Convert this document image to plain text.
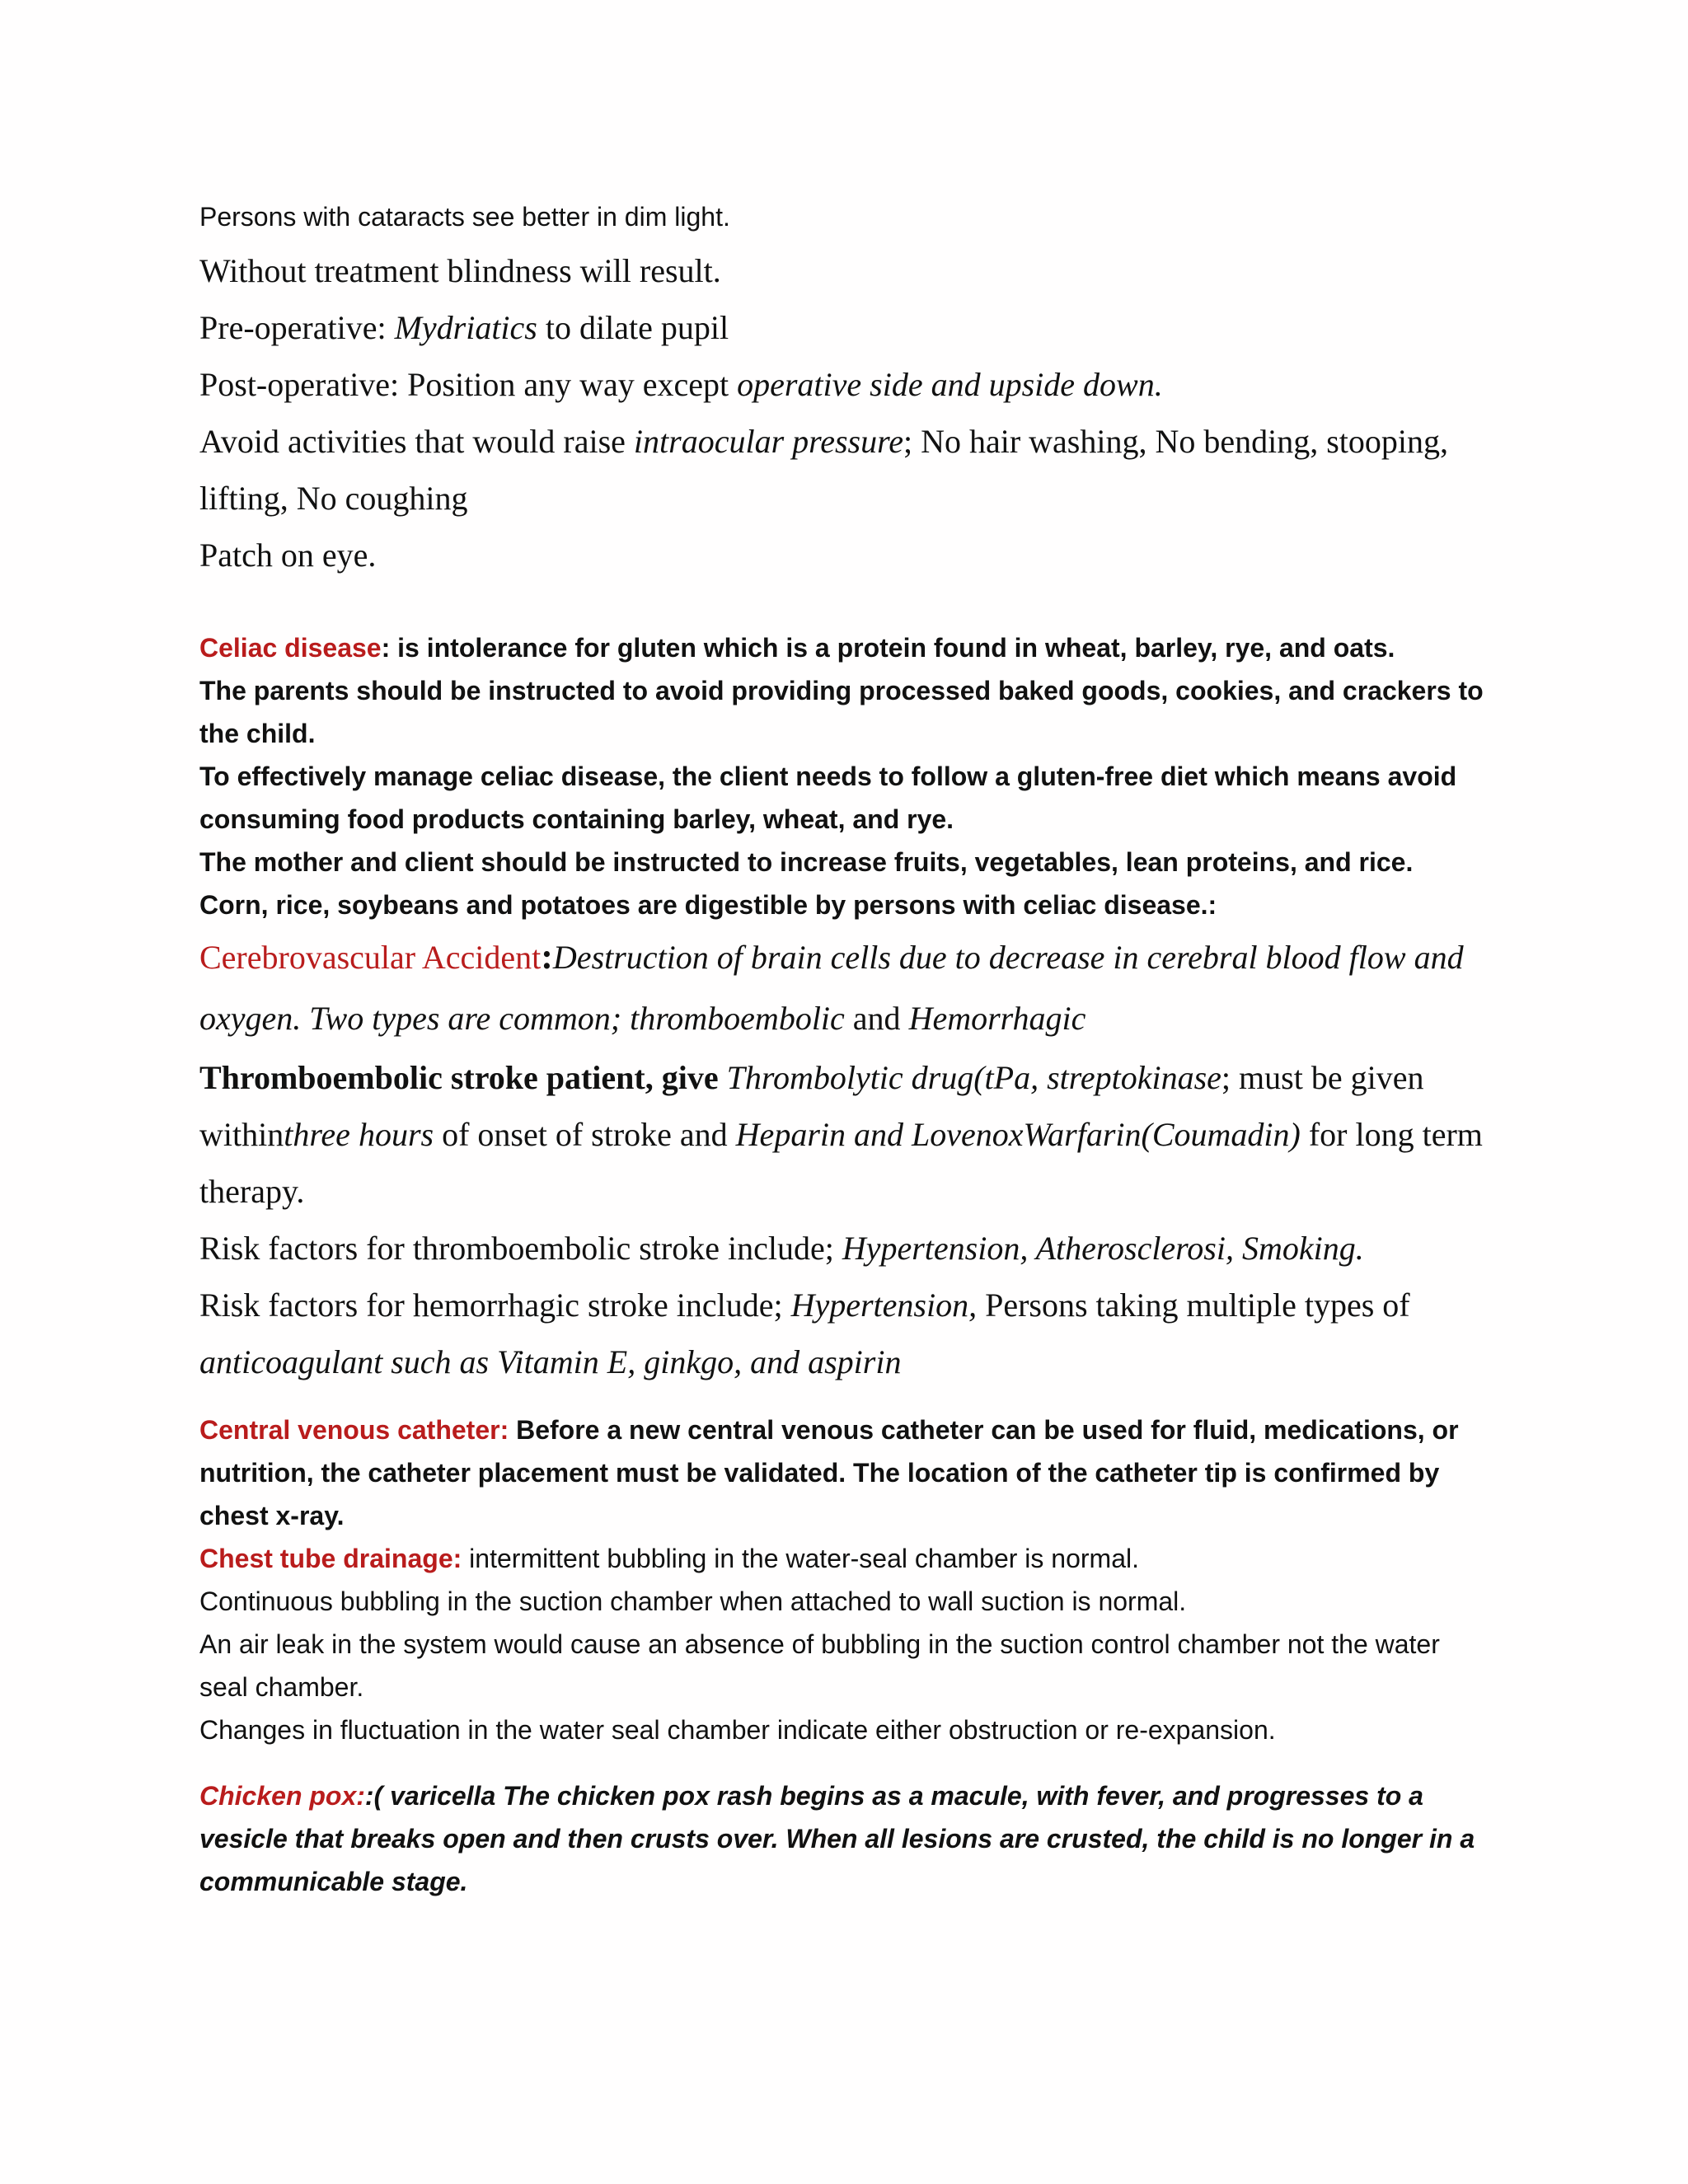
Persons with cataracts see better in dim light.

Without treatment blindness will result.

Pre-operative: Mydriatics to dilate pupil

Post-operative: Position any way except operative side and upside down.

Avoid activities that would raise intraocular pressure; No hair washing, No bending, stooping, lifting, No coughing

Patch on eye.

Celiac disease: is intolerance for gluten which is a protein found in wheat, barley, rye, and oats.

The parents should be instructed to avoid providing processed baked goods, cookies, and crackers to the child.

To effectively manage celiac disease, the client needs to follow a gluten-free diet which means avoid consuming food products containing barley, wheat, and rye.

The mother and client should be instructed to increase fruits, vegetables, lean proteins, and rice.

Corn, rice, soybeans and potatoes are digestible by persons with celiac disease.:

Cerebrovascular Accident:Destruction of brain cells due to decrease in cerebral blood flow and oxygen. Two types are common; thromboembolic and Hemorrhagic

Thromboembolic stroke patient, give Thrombolytic drug(tPa, streptokinase; must be given withinthree hours of onset of stroke and Heparin and LovenoxWarfarin(Coumadin) for long term therapy.

Risk factors for thromboembolic stroke include; Hypertension, Atherosclerosi, Smoking.

Risk factors for hemorrhagic stroke include; Hypertension, Persons taking multiple types of anticoagulant such as Vitamin E, ginkgo, and aspirin

Central venous catheter: Before a new central venous catheter can be used for fluid, medications, or nutrition, the catheter placement must be validated. The location of the catheter tip is confirmed by chest x-ray.

Chest tube drainage: intermittent bubbling in the water-seal chamber is normal.

Continuous bubbling in the suction chamber when attached to wall suction is normal.

An air leak in the system would cause an absence of bubbling in the suction control chamber not the water seal chamber.

Changes in fluctuation in the water seal chamber indicate either obstruction or re-expansion.

Chicken pox::( varicella The chicken pox rash begins as a macule, with fever, and progresses to a vesicle that breaks open and then crusts over. When all lesions are crusted, the child is no longer in a communicable stage.
